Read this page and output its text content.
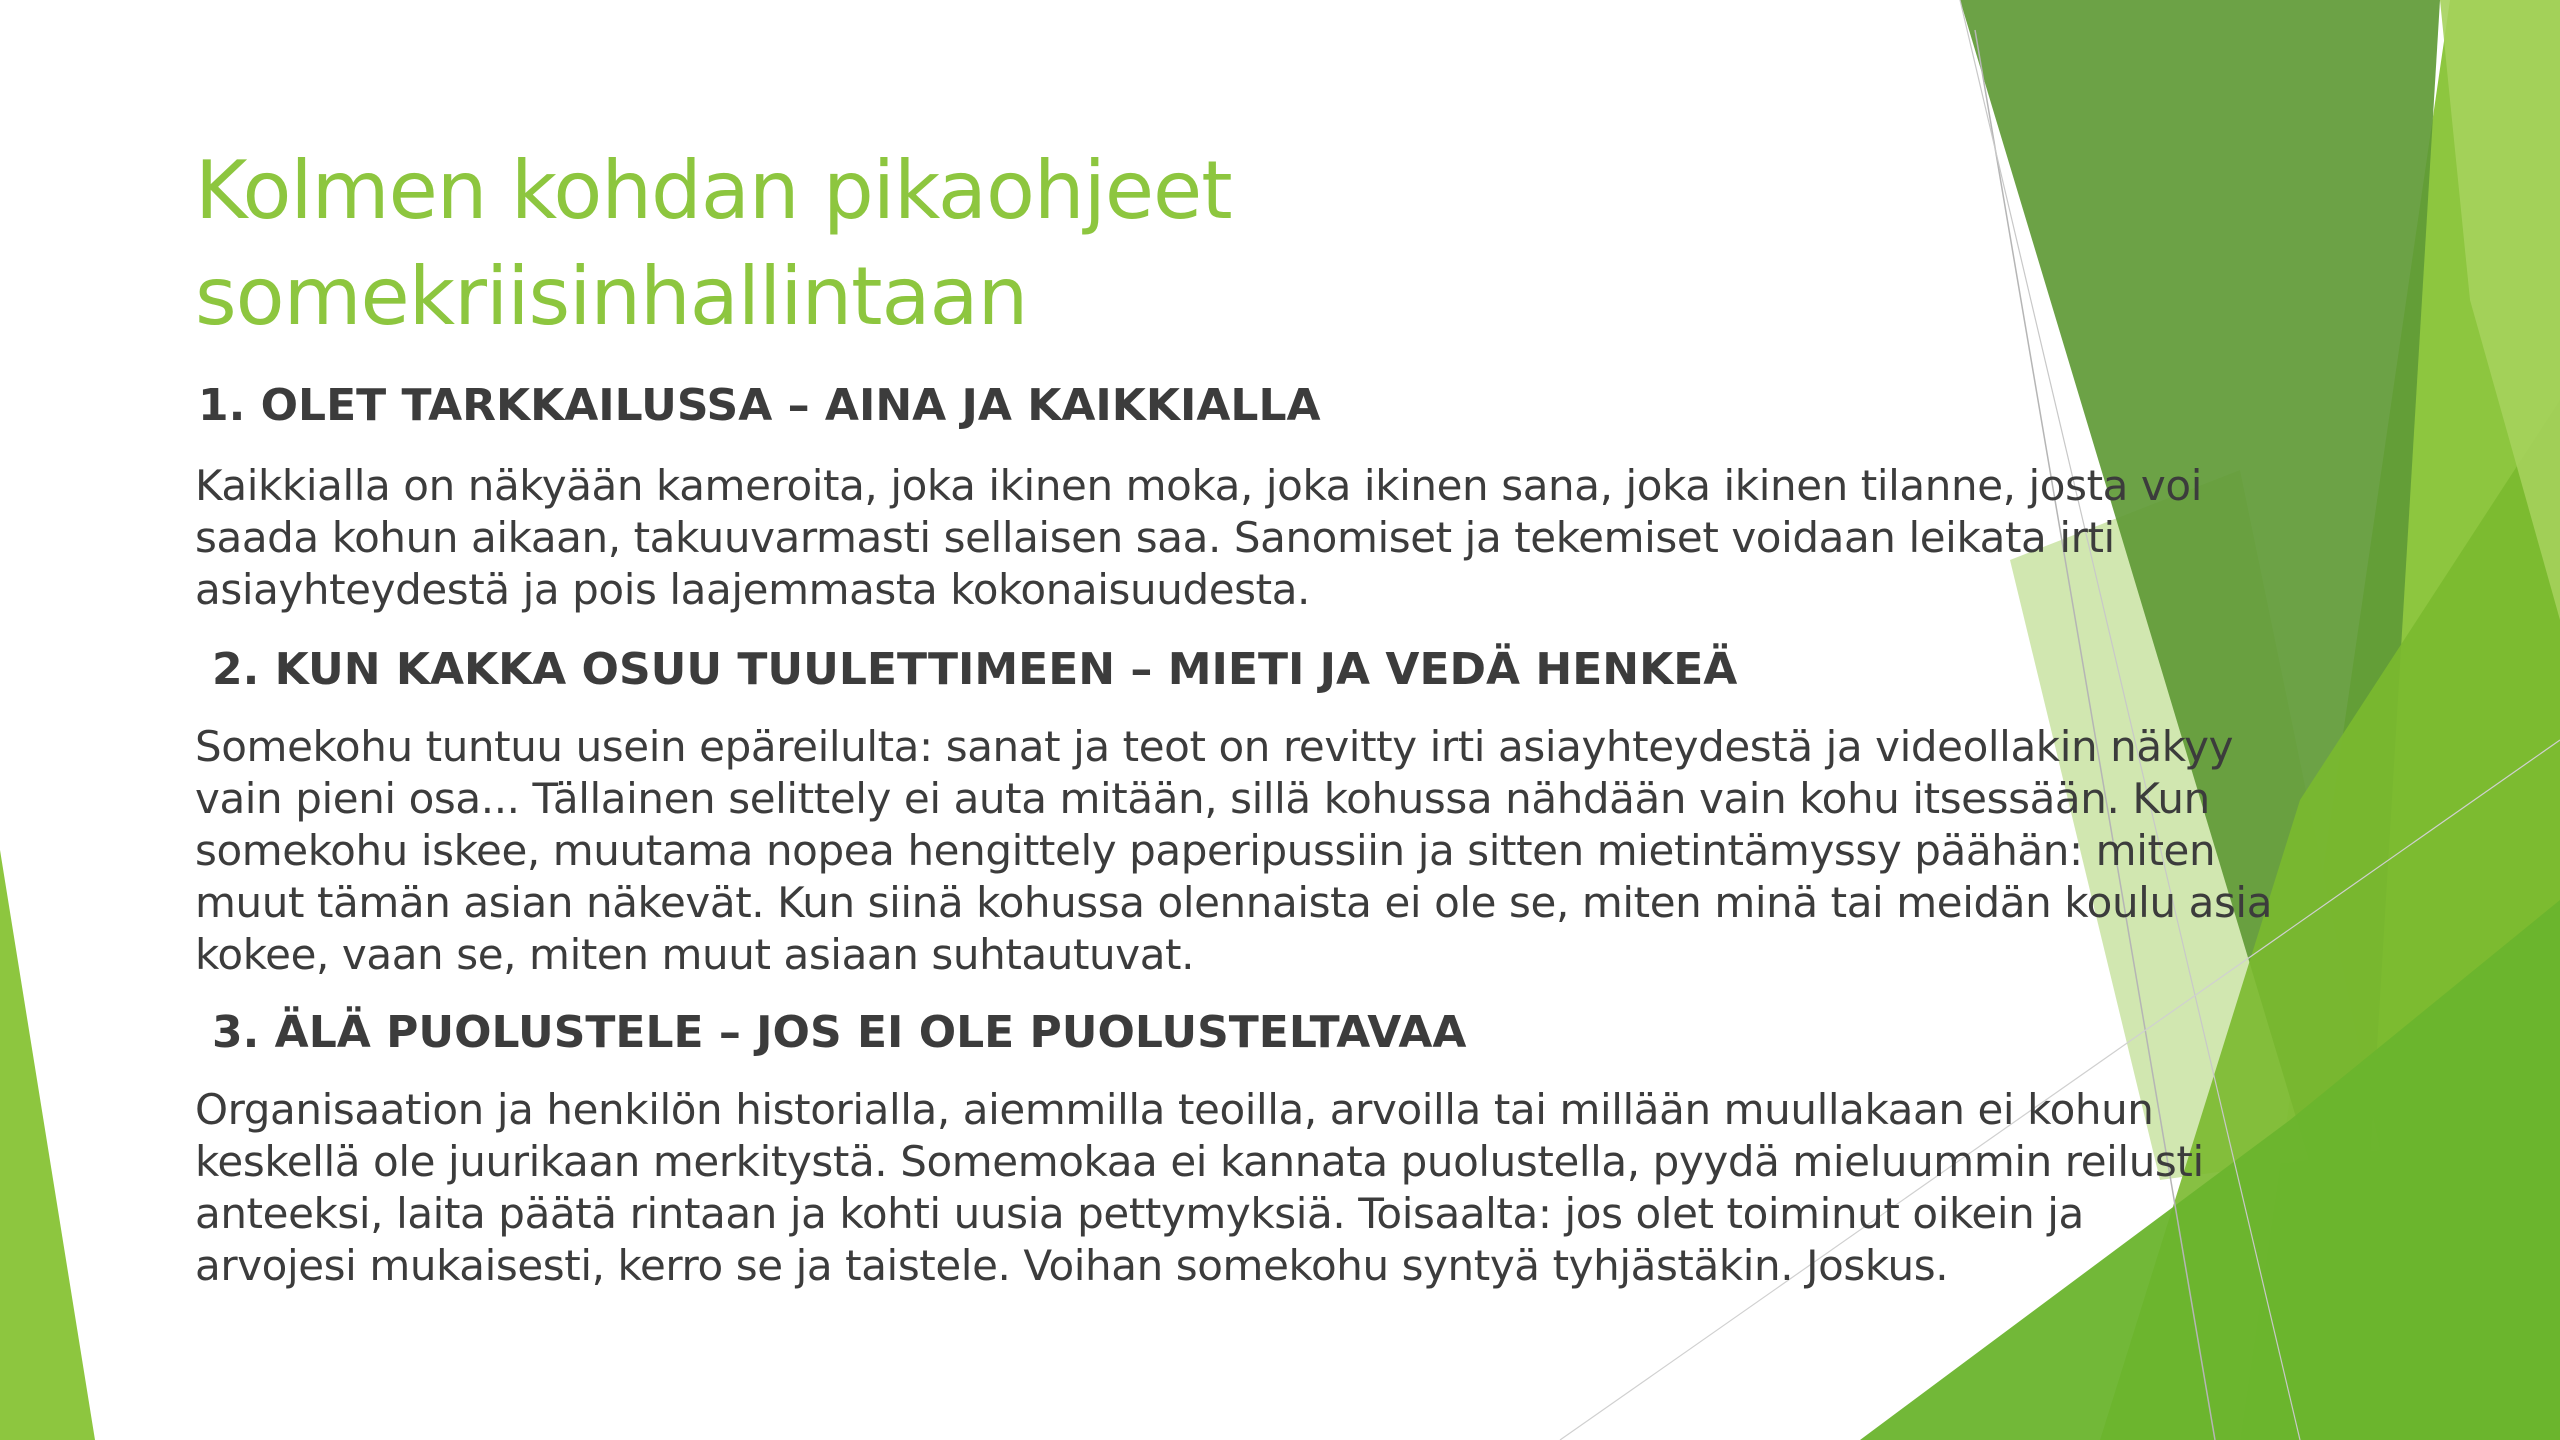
Kolmen kohdan pikaohjeet
somekriisinhallintaan
1. OLET TARKKAILUSSA – AINA JA KAIKKIALLA

Kaikkialla on näkyään kameroita, joka ikinen moka, joka ikinen sana, joka ikinen tilanne, josta voi
saada kohun aikaan, takuuvarmasti sellaisen saa. Sanomiset ja tekemiset voidaan leikata irti
asiayhteydestä ja pois laajemmasta kokonaisuudesta.

2. KUN KAKKA OSUU TUULETTIMEEN – MIETI JA VEDÄ HENKEÄ

Somekohu tuntuu usein epäreilulta: sanat ja teot on revitty irti asiayhteydestä ja videollakin näkyy
vain pieni osa... Tällainen selittely ei auta mitään, sillä kohussa nähdään vain kohu itsessään. Kun
somekohu iskee, muutama nopea hengittely paperipussiin ja sitten mietintämyssy päähän: miten
muut tämän asian näkevät. Kun siinä kohussa olennaista ei ole se, miten minä tai meidän koulu asia
kokee, vaan se, miten muut asiaan suhtautuvat.

3. ÄLÄ PUOLUSTELE – JOS EI OLE PUOLUSTELTAVAA

Organisaation ja henkilön historialla, aiemmilla teoilla, arvoilla tai millään muullakaan ei kohun
keskellä ole juurikaan merkitystä. Somemokaa ei kannata puolustella, pyydä mieluummin reilusti
anteeksi, laita päätä rintaan ja kohti uusia pettymyksiä. Toisaalta: jos olet toiminut oikein ja
arvojesi mukaisesti, kerro se ja taistele. Voihan somekohu syntyä tyhjästäkin. Joskus.
